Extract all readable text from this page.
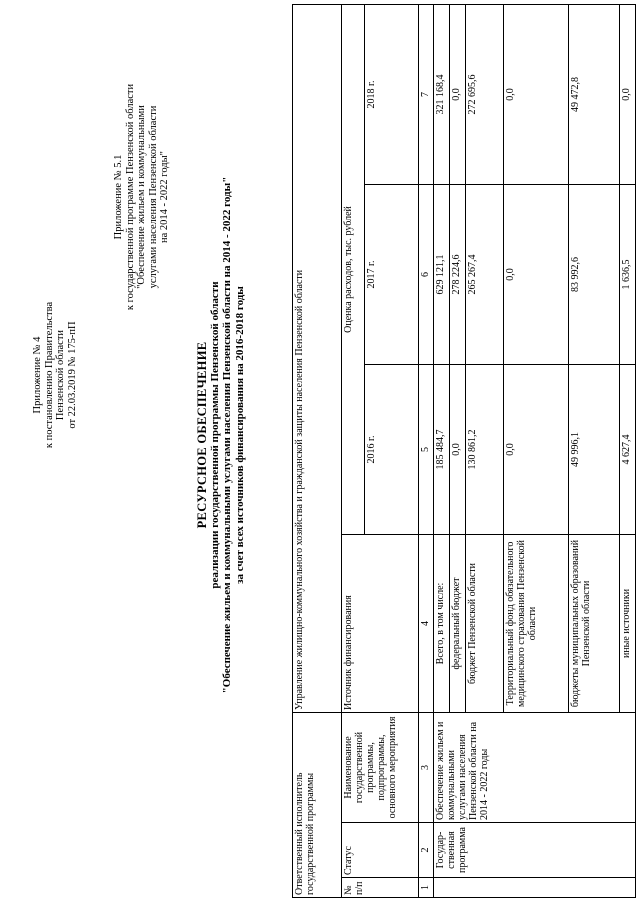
Приложение № 4 к постановлению Правительства Пензенской области от 22.03.2019 № 175-пП
Приложение № 5.1 к государственной программе Пензенской области "Обеспечение жильем и коммунальными услугами населения Пензенской области на 2014 - 2022 годы"
РЕСУРСНОЕ ОБЕСПЕЧЕНИЕ реализации государственной программы Пензенской области "Обеспечение жильем и коммунальными услугами населения Пензенской области на 2014 - 2022 годы" за счет всех источников финансирования на 2016-2018 годы
Ответственный исполнитель государственной программы			Управление жилищно-коммунального хозяйства и гражданской защиты населения Пензенской области			
№ п/п	Статус	Наименование государственной программы, подпрограммы, основного мероприятия	Источник финансирования	Оценка расходов, тыс. рублей		
				2016 г.	2017 г.	2018 г.
1	2	3	4	5	6	7
	Государ-ственная программа	Обеспечение жильем и коммунальными услугами населения Пензенской области на 2014 - 2022 годы	Всего, в том числе:	185 484,7	629 121,1	321 168,4
			федеральный бюджет	0,0	278 224,6	0,0
			бюджет Пензенской области	130 861,2	265 267,4	272 695,6
			Территориальный фонд обязательного медицинского страхования Пензенской области	0,0	0,0	0,0
			бюджеты муниципальных образований Пензенской области	49 996,1	83 992,6	49 472,8
			иные источники	4 627,4	1 636,5	0,0
